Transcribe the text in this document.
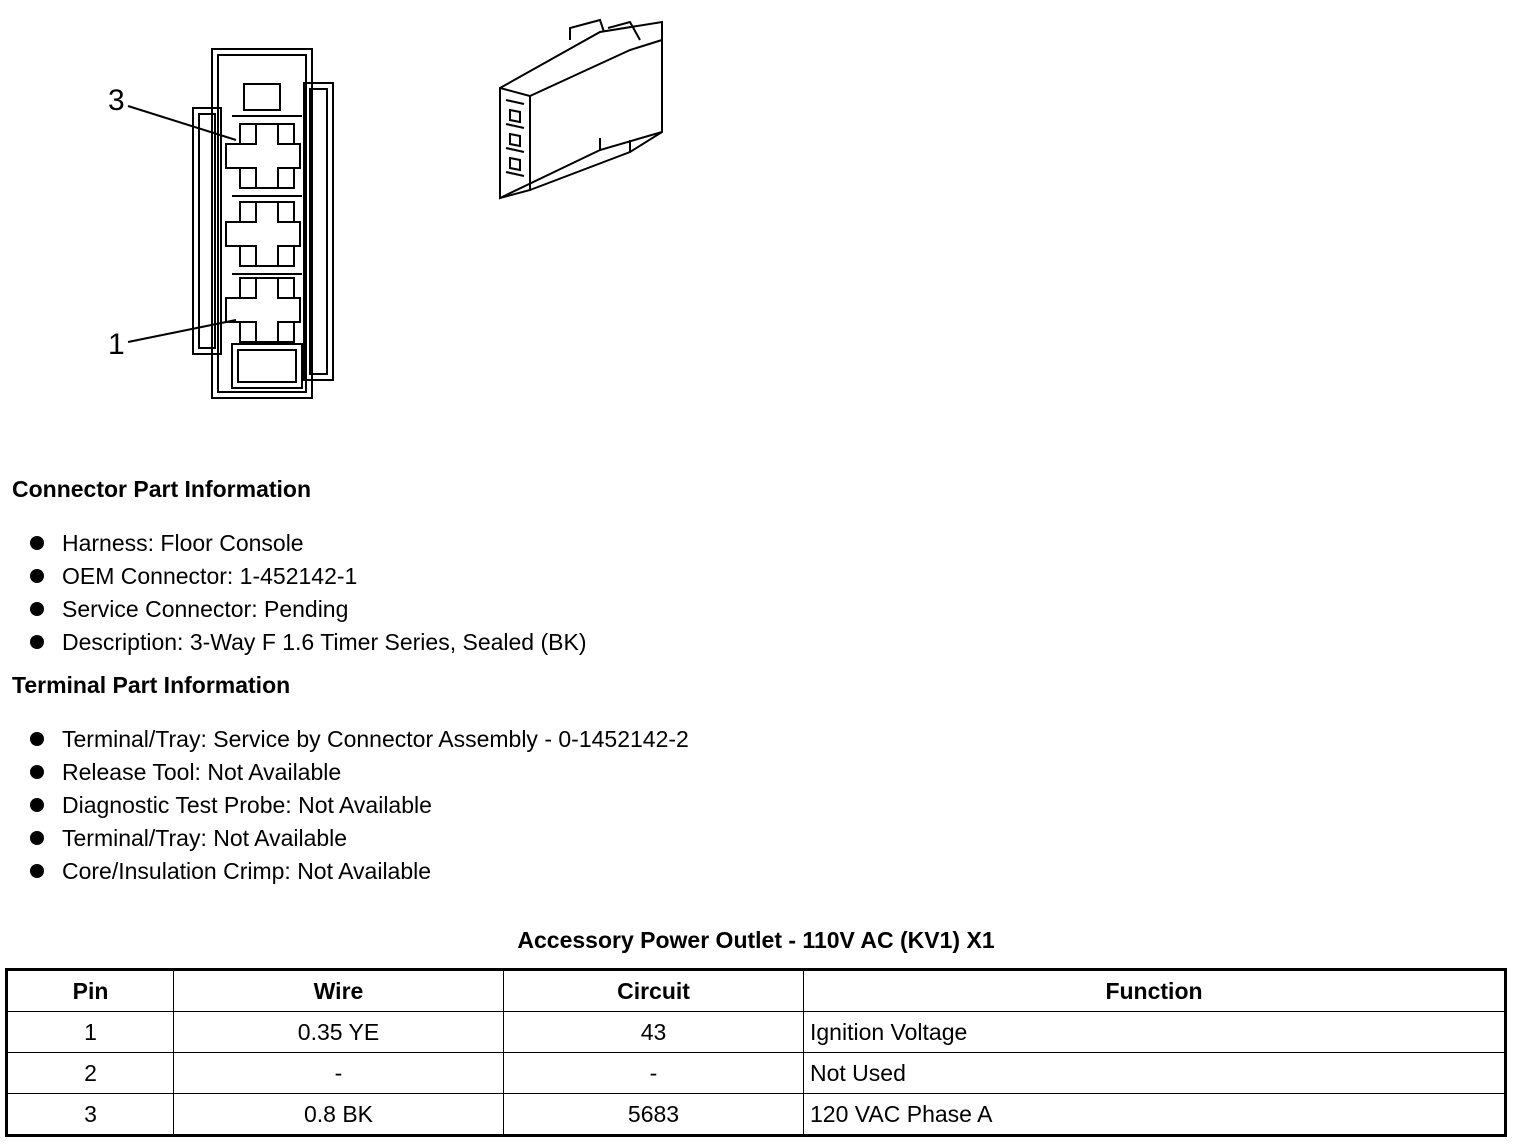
3
1
Connector Part Information
Harness: Floor Console
OEM Connector: 1-452142-1
Service Connector: Pending
Description: 3-Way F 1.6 Timer Series, Sealed (BK)
Terminal Part Information
Terminal/Tray: Service by Connector Assembly - 0-1452142-2
Release Tool: Not Available
Diagnostic Test Probe: Not Available
Terminal/Tray: Not Available
Core/Insulation Crimp: Not Available
Accessory Power Outlet - 110V AC (KV1) X1
Pin	Wire	Circuit	Function
1	0.35 YE	43	Ignition Voltage
2	-	-	Not Used
3	0.8 BK	5683	120 VAC Phase A
